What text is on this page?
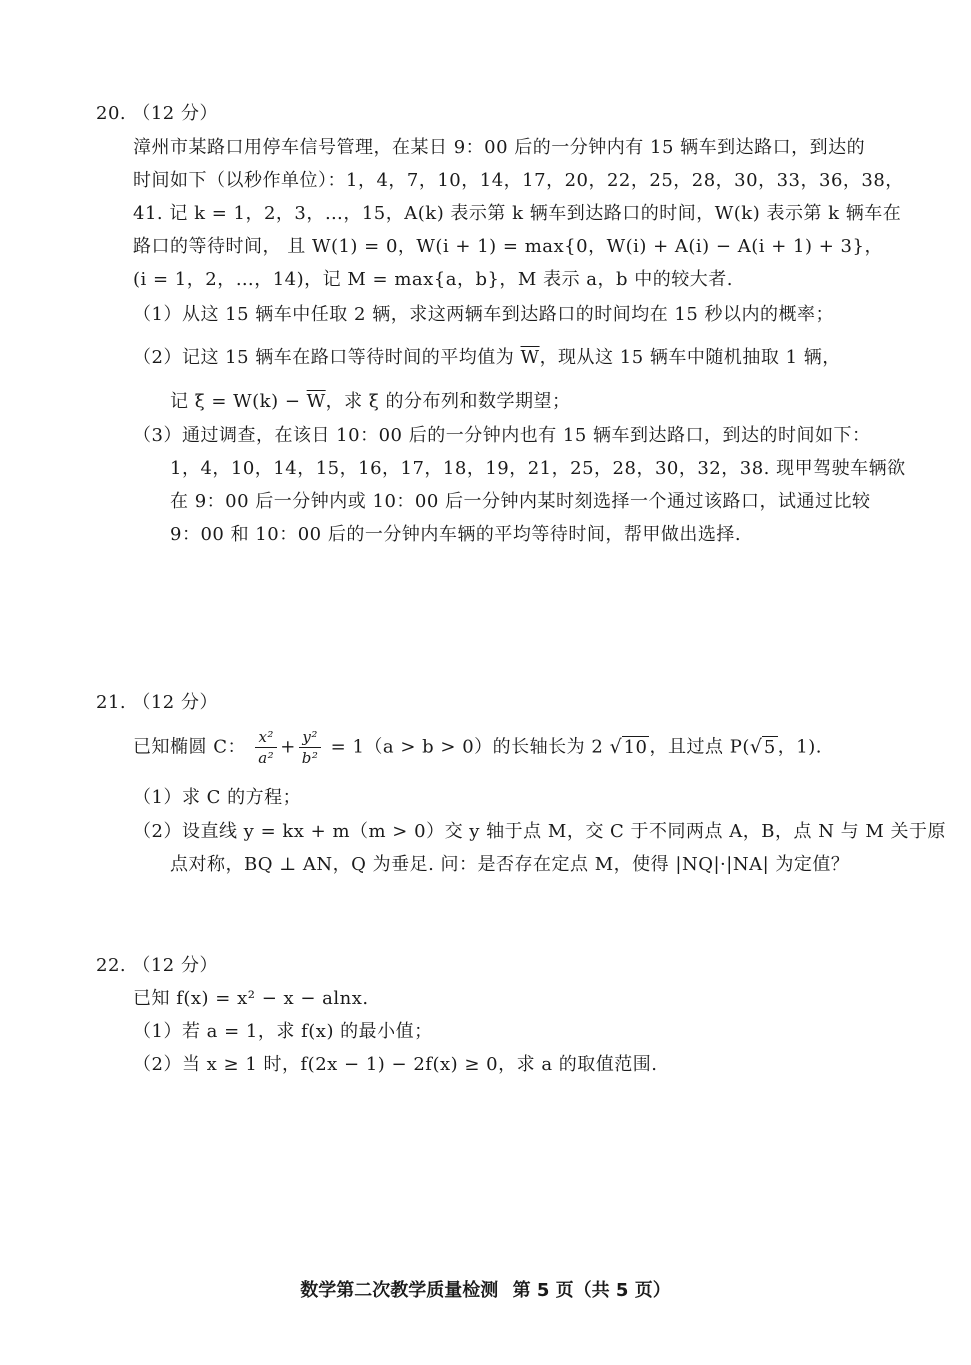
20. （12 分）
漳州市某路口用停车信号管理，在某日 9：00 后的一分钟内有 15 辆车到达路口，到达的
时间如下（以秒作单位）：1，4，7，10，14，17，20，22，25，28，30，33，36，38，
41. 记 k = 1，2，3，…，15，A(k) 表示第 k 辆车到达路口的时间，W(k) 表示第 k 辆车在
路口的等待时间， 且 W(1) = 0，W(i + 1) = max{0，W(i) + A(i) − A(i + 1) + 3}，
(i = 1，2，…，14)，记 M = max{a，b}，M 表示 a，b 中的较大者.
（1）从这 15 辆车中任取 2 辆，求这两辆车到达路口的时间均在 15 秒以内的概率；
（2）记这 15 辆车在路口等待时间的平均值为 $\overline{W}$，现从这 15 辆车中随机抽取 1 辆，
记 $\xi = W(k) - \overline{W}$，求 ξ 的分布列和数学期望；
（3）通过调查，在该日 10：00 后的一分钟内也有 15 辆车到达路口，到达的时间如下：
1，4，10，14，15，16，17，18，19，21，25，28，30，32，38. 现甲驾驶车辆欲
在 9：00 后一分钟内或 10：00 后一分钟内某时刻选择一个通过该路口，试通过比较
9：00 和 10：00 后的一分钟内车辆的平均等待时间，帮甲做出选择.
21. （12 分）
已知椭圆 C： $\frac{\text{x²}}{\text{a²}} + \frac{\text{y²}}{\text{b²}} = 1(a > b > 0)$的长轴长为 2 √ 10 ，且过点 P( √ 5 ，1).
（1）求 C 的方程；
（2）设直线 y = kx + m（m > 0）交 y 轴于点 M，交 C 于不同两点 A，B，点 N 与 M 关于原
点对称，BQ ⊥ AN，Q 为垂足. 问：是否存在定点 M，使得 |NQ|·|NA| 为定值？
22. （12 分）
已知 f(x) = x² − x − alnx.
（1）若 a = 1，求 f(x) 的最小值；
（2）当 x ≥ 1 时，f(2x − 1) − 2f(x) ≥ 0，求 a 的取值范围.
数学第二次教学质量检测 第 5 页（共 5 页）
